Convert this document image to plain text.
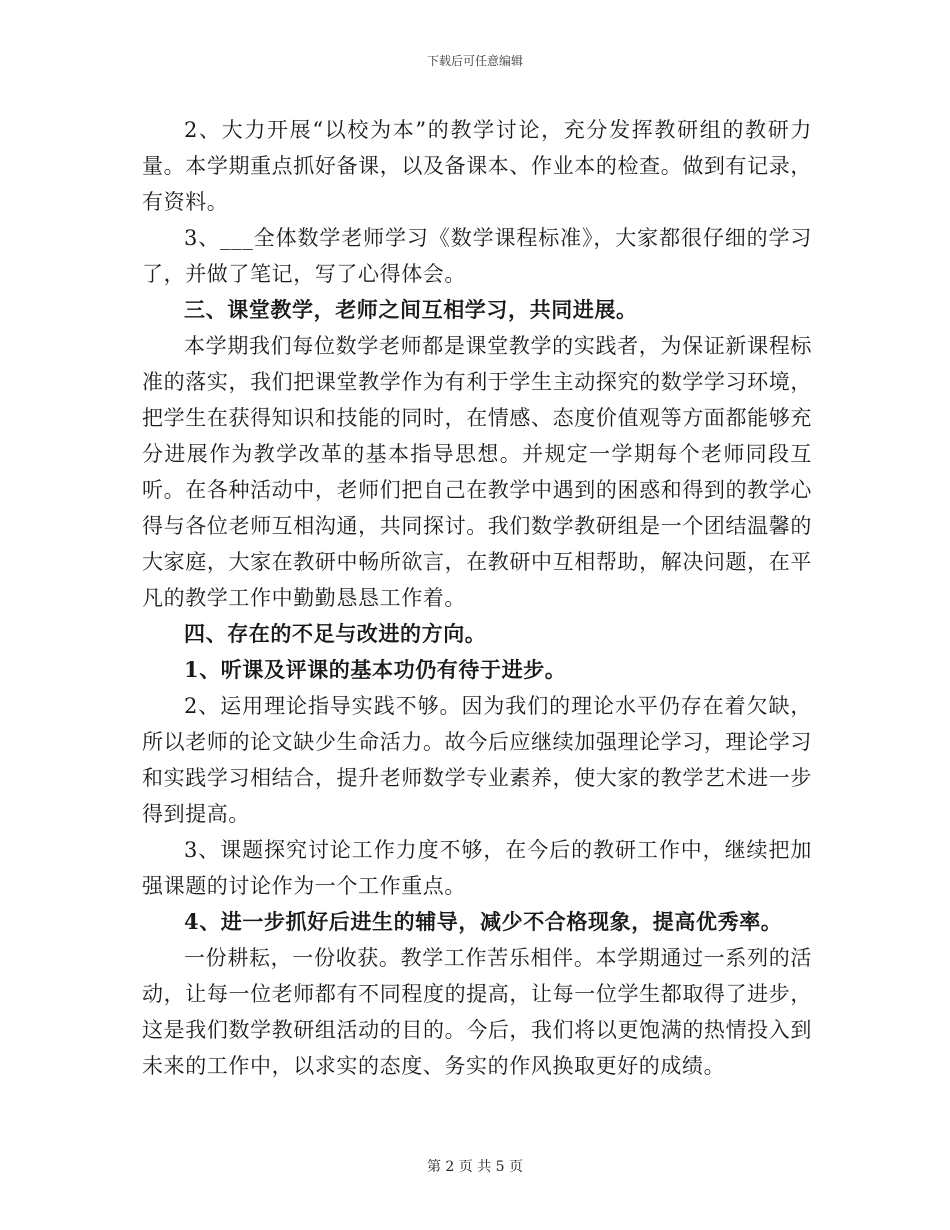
下载后可任意编辑

2、大力开展“以校为本”的教学讨论，充分发挥教研组的教研力量。本学期重点抓好备课，以及备课本、作业本的检查。做到有记录，有资料。

3、___全体数学老师学习《数学课程标准》，大家都很仔细的学习了，并做了笔记，写了心得体会。

三、课堂教学，老师之间互相学习，共同进展。

本学期我们每位数学老师都是课堂教学的实践者，为保证新课程标准的落实，我们把课堂教学作为有利于学生主动探究的数学学习环境，把学生在获得知识和技能的同时，在情感、态度价值观等方面都能够充分进展作为教学改革的基本指导思想。并规定一学期每个老师同段互听。在各种活动中，老师们把自己在教学中遇到的困惑和得到的教学心得与各位老师互相沟通，共同探讨。我们数学教研组是一个团结温馨的大家庭，大家在教研中畅所欲言，在教研中互相帮助，解决问题，在平凡的教学工作中勤勤恳恳工作着。

四、存在的不足与改进的方向。

1、听课及评课的基本功仍有待于进步。

2、运用理论指导实践不够。因为我们的理论水平仍存在着欠缺，所以老师的论文缺少生命活力。故今后应继续加强理论学习，理论学习和实践学习相结合，提升老师数学专业素养，使大家的教学艺术进一步得到提高。

3、课题探究讨论工作力度不够，在今后的教研工作中，继续把加强课题的讨论作为一个工作重点。

4、进一步抓好后进生的辅导，减少不合格现象，提高优秀率。

一份耕耘，一份收获。教学工作苦乐相伴。本学期通过一系列的活动，让每一位老师都有不同程度的提高，让每一位学生都取得了进步，这是我们数学教研组活动的目的。今后，我们将以更饱满的热情投入到未来的工作中，以求实的态度、务实的作风换取更好的成绩。

第 2 页 共 5 页
